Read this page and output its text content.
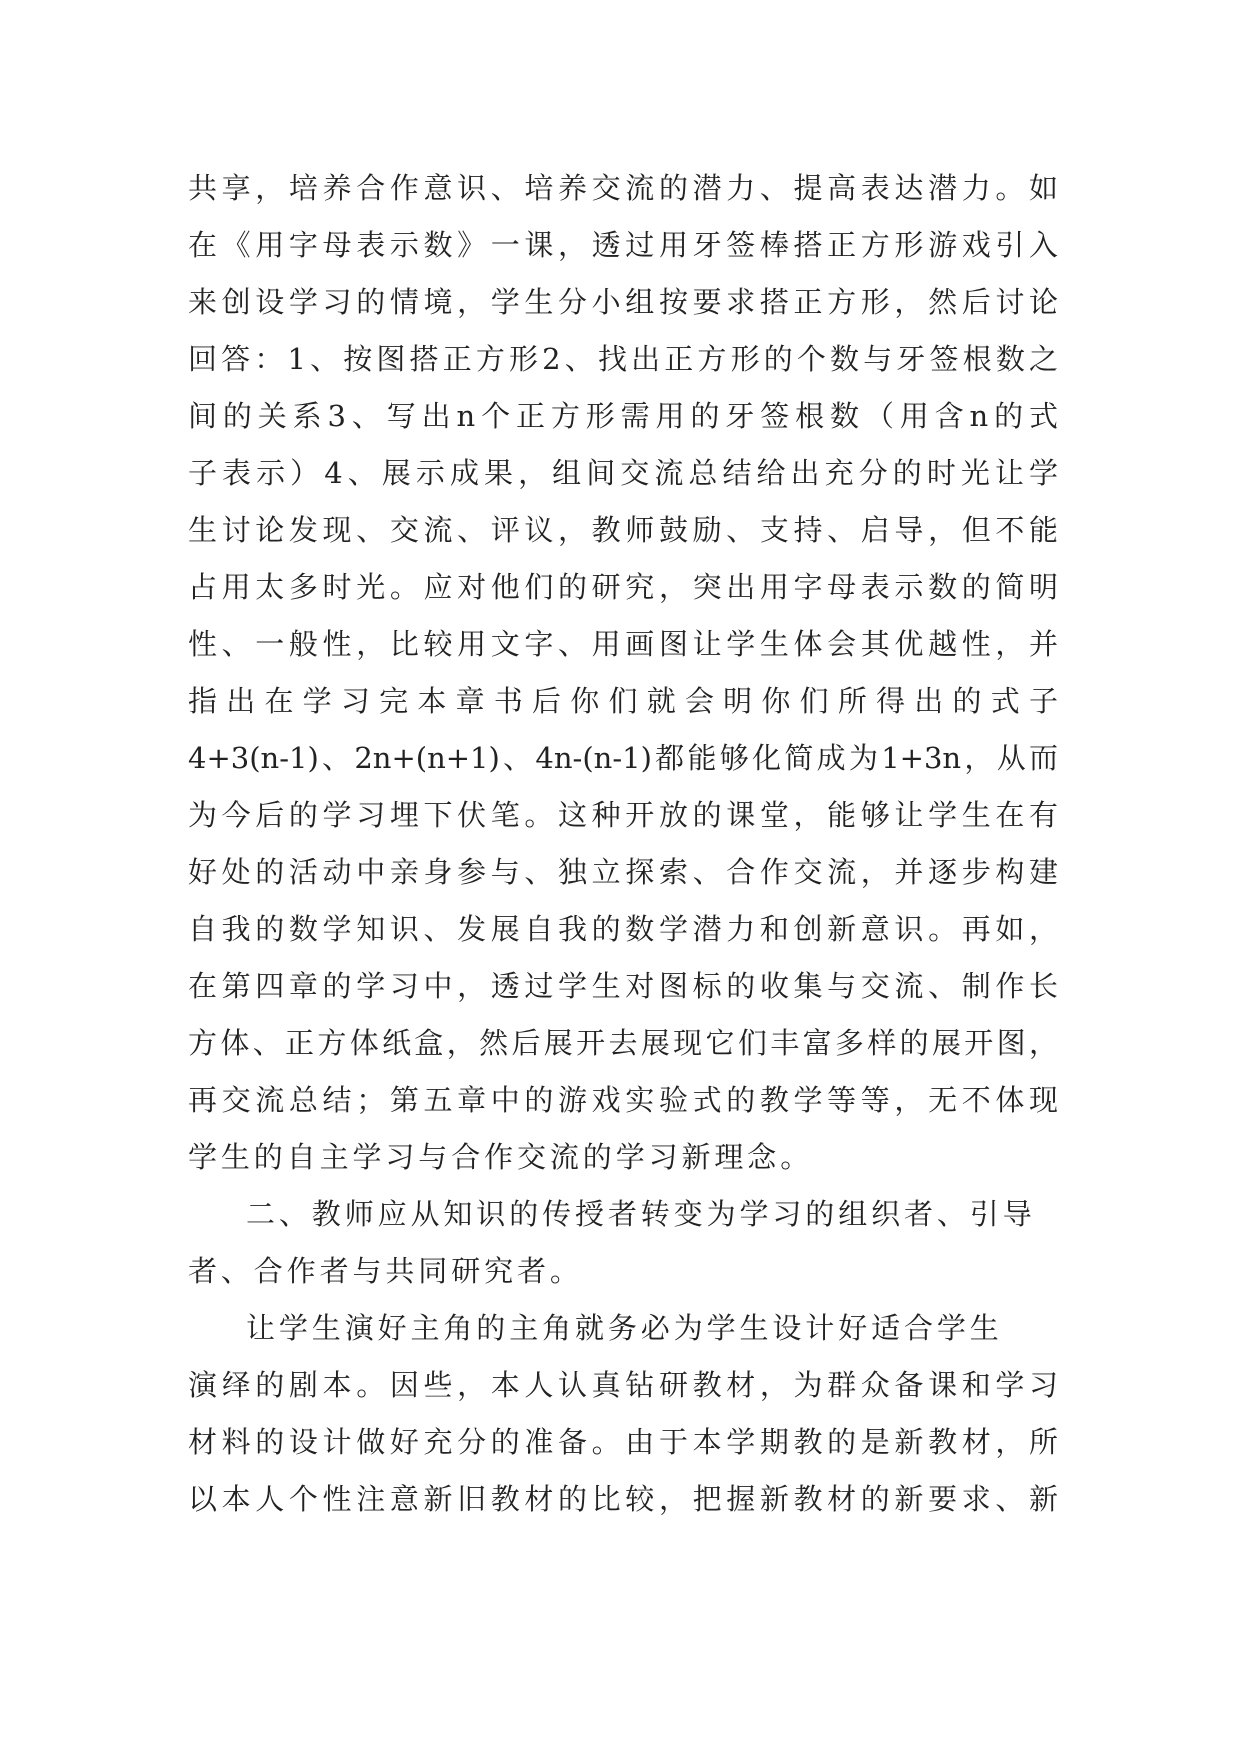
共享，培养合作意识、培养交流的潜力、提高表达潜力。如
在《用字母表示数》一课，透过用牙签棒搭正方形游戏引入
来创设学习的情境，学生分小组按要求搭正方形，然后讨论
回答：1、按图搭正方形2、找出正方形的个数与牙签根数之
间的关系3、写出n个正方形需用的牙签根数（用含n的式
子表示）4、展示成果，组间交流总结给出充分的时光让学
生讨论发现、交流、评议，教师鼓励、支持、启导，但不能
占用太多时光。应对他们的研究，突出用字母表示数的简明
性、一般性，比较用文字、用画图让学生体会其优越性，并
指出在学习完本章书后你们就会明你们所得出的式子
4+3(n-1)、2n+(n+1)、4n-(n-1)都能够化简成为1+3n，从而
为今后的学习埋下伏笔。这种开放的课堂，能够让学生在有
好处的活动中亲身参与、独立探索、合作交流，并逐步构建
自我的数学知识、发展自我的数学潜力和创新意识。再如，
在第四章的学习中，透过学生对图标的收集与交流、制作长
方体、正方体纸盒，然后展开去展现它们丰富多样的展开图，
再交流总结；第五章中的游戏实验式的教学等等，无不体现
学生的自主学习与合作交流的学习新理念。
二、教师应从知识的传授者转变为学习的组织者、引导
者、合作者与共同研究者。
让学生演好主角的主角就务必为学生设计好适合学生
演绎的剧本。因些，本人认真钻研教材，为群众备课和学习
材料的设计做好充分的准备。由于本学期教的是新教材，所
以本人个性注意新旧教材的比较，把握新教材的新要求、新
